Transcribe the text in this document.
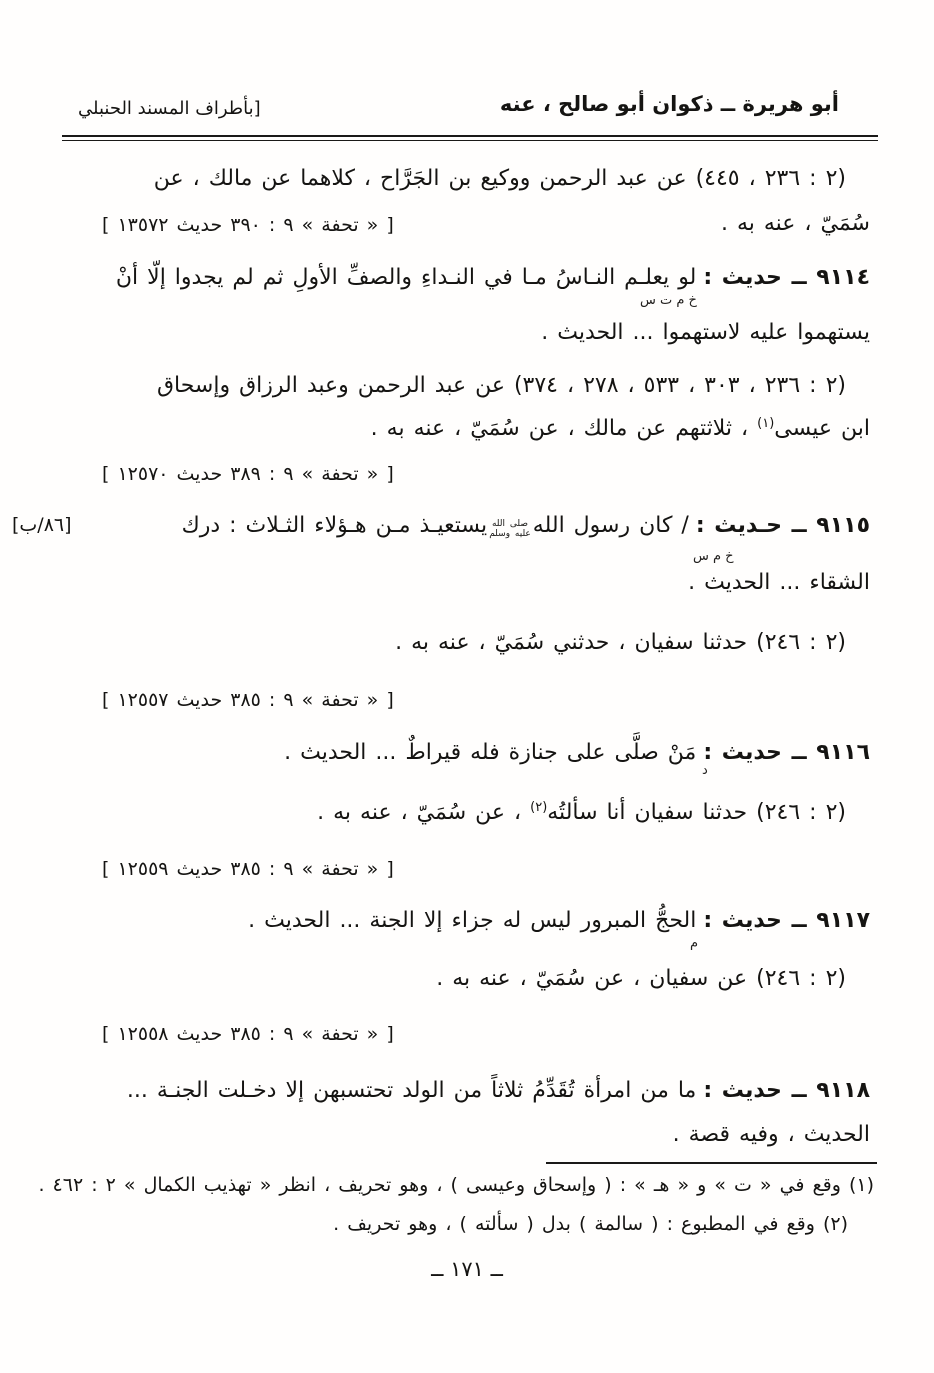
[بأطراف المسند الحنبلي	أبو هريرة ــ ذكوان أبو صالح ، عنه
(٢ : ٢٣٦ ، ٤٤٥) عن عبد الرحمن ووكيع بن الجَرَّاح ، كلاهما عن مالك ، عن
سُمَيّ ، عنه به .
[ « تحفة » ٩ : ٣٩٠ حديث ١٣٥٧٢ ]
٩١١٤ ــ حديث :لو يعلـم النـاسُ مـا في النـداءِ والصفِّ الأولِ ثم لم يجدوا إلّا أنْ
خ م ت س
يستهموا عليه لاستهموا ... الحديث .
(٢ : ٢٣٦ ، ٣٠٣ ، ٥٣٣ ، ٢٧٨ ، ٣٧٤) عن عبد الرحمن وعبد الرزاق وإسحاق
ابن عيسى$^{(١)}$ ، ثلاثتهم عن مالك ، عن سُمَيّ ، عنه به .
[ « تحفة » ٩ : ٣٨٩ حديث ١٢٥٧٠ ]
[٨٦/ب]	٩١١٥ ــ حـديث :/ كان رسول الله
صلى الله
عليه وسلم
يستعيـذ مـن هـؤلاء الثـلاث : درك
خ م س
الشقاء ... الحديث .
(٢ : ٢٤٦) حدثنا سفيان ، حدثني سُمَيّ ، عنه به .
[ « تحفة » ٩ : ٣٨٥ حديث ١٢٥٥٧ ]
٩١١٦ ــ حديث :مَنْ صلَّى على جنازة فله قيراطٌ ... الحديث .
د
(٢ : ٢٤٦) حدثنا سفيان أنا سألتُه$^{(٢)}$ ، عن سُمَيّ ، عنه به .
[ « تحفة » ٩ : ٣٨٥ حديث ١٢٥٥٩ ]
٩١١٧ ــ حديث :الحجُّ المبرور ليس له جزاء إلا الجنة ... الحديث .
م
(٢ : ٢٤٦) عن سفيان ، عن سُمَيّ ، عنه به .
[ « تحفة » ٩ : ٣٨٥ حديث ١٢٥٥٨ ]
٩١١٨ ــ حديث :ما من امرأة تُقَدِّمُ ثلاثاً من الولد تحتسبهن إلا دخـلت الجنـة ...
الحديث ، وفيه قصة .
(١) وقع في « ت » و « هـ » : ( وإسحاق وعيسى ) ، وهو تحريف ، انظر « تهذيب الكمال » ٢ : ٤٦٢ .
(٢) وقع في المطبوع : ( سالمة ) بدل ( سألته ) ، وهو تحريف .
ــ ١٧١ ــ
